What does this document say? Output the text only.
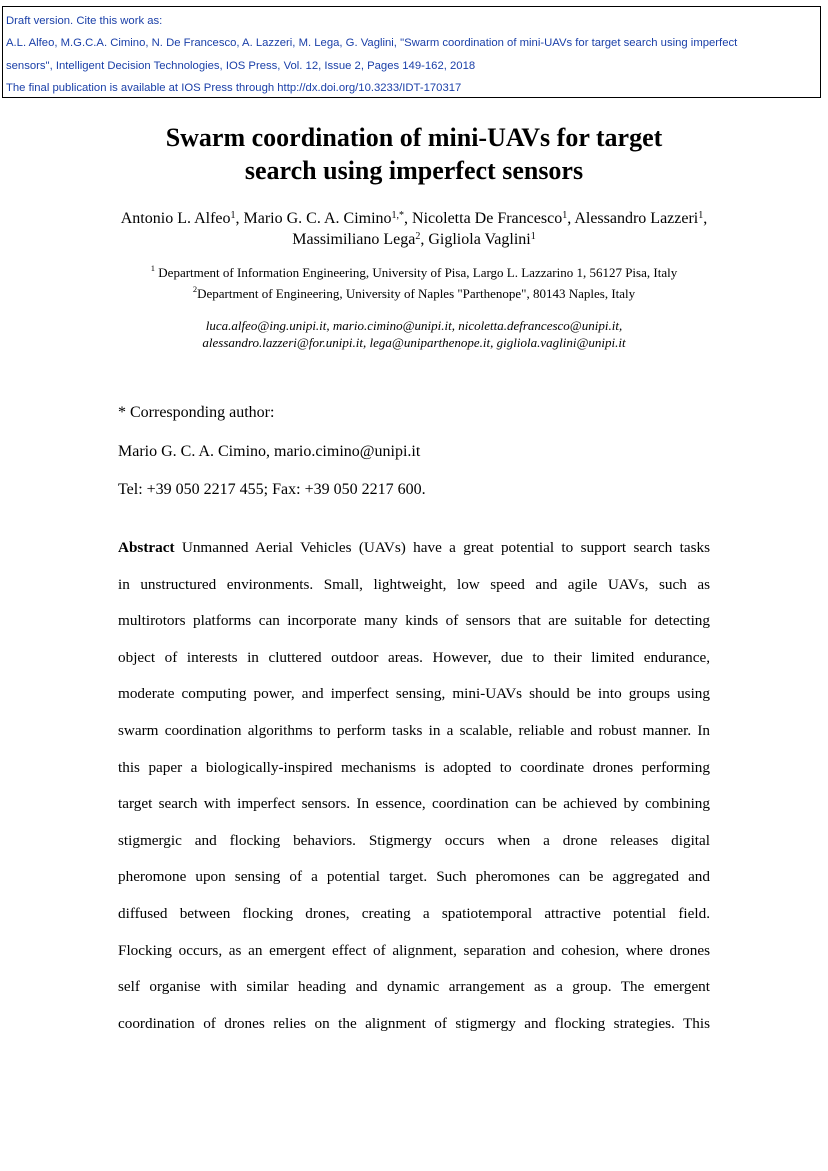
Draft version. Cite this work as:
A.L. Alfeo, M.G.C.A. Cimino, N. De Francesco, A. Lazzeri, M. Lega, G. Vaglini, "Swarm coordination of mini-UAVs for target search using imperfect
sensors", Intelligent Decision Technologies, IOS Press, Vol. 12, Issue 2, Pages 149-162, 2018
The final publication is available at IOS Press through http://dx.doi.org/10.3233/IDT-170317
Swarm coordination of mini-UAVs for target
search using imperfect sensors
Antonio L. Alfeo$^1$, Mario G. C. A. Cimino$^{1,*}$, Nicoletta De Francesco$^1$, Alessandro Lazzeri$^1$, Massimiliano Lega$^2$, Gigliola Vaglini$^1$
$^1$ Department of Information Engineering, University of Pisa, Largo L. Lazzarino 1, 56127 Pisa, Italy
$^2$Department of Engineering, University of Naples "Parthenope", 80143 Naples, Italy
luca.alfeo@ing.unipi.it, mario.cimino@unipi.it, nicoletta.defrancesco@unipi.it,
alessandro.lazzeri@for.unipi.it, lega@uniparthenope.it, gigliola.vaglini@unipi.it
* Corresponding author:
Mario G. C. A. Cimino, mario.cimino@unipi.it
Tel: +39 050 2217 455; Fax: +39 050 2217 600.
Abstract Unmanned Aerial Vehicles (UAVs) have a great potential to support search tasks
in unstructured environments. Small, lightweight, low speed and agile UAVs, such as
multirotors platforms can incorporate many kinds of sensors that are suitable for detecting
object of interests in cluttered outdoor areas. However, due to their limited endurance,
moderate computing power, and imperfect sensing, mini-UAVs should be into groups using
swarm coordination algorithms to perform tasks in a scalable, reliable and robust manner. In
this paper a biologically-inspired mechanisms is adopted to coordinate drones performing
target search with imperfect sensors. In essence, coordination can be achieved by combining
stigmergic and flocking behaviors. Stigmergy occurs when a drone releases digital
pheromone upon sensing of a potential target. Such pheromones can be aggregated and
diffused between flocking drones, creating a spatiotemporal attractive potential field.
Flocking occurs, as an emergent effect of alignment, separation and cohesion, where drones
self organise with similar heading and dynamic arrangement as a group. The emergent
coordination of drones relies on the alignment of stigmergy and flocking strategies. This
